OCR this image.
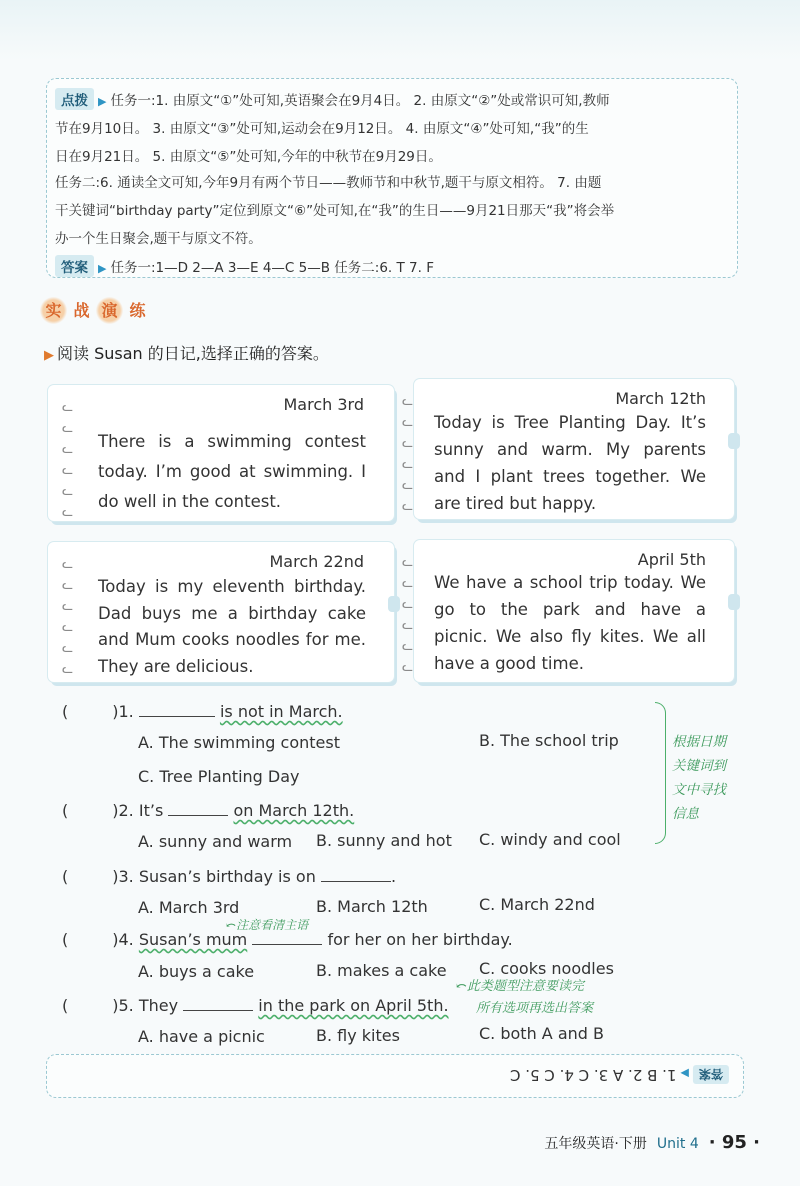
点拨 ▶ 任务一:1. 由原文“①”处可知,英语聚会在9月4日。 2. 由原文“②”处或常识可知,教师
节在9月10日。 3. 由原文“③”处可知,运动会在9月12日。 4. 由原文“④”处可知,“我”的生
日在9月21日。 5. 由原文“⑤”处可知,今年的中秋节在9月29日。
任务二:6. 通读全文可知,今年9月有两个节日——教师节和中秋节,题干与原文相符。 7. 由题
干关键词“birthday party”定位到原文“⑥”处可知,在“我”的生日——9月21日那天“我”将会举
办一个生日聚会,题干与原文不符。
答案 ▶ 任务一:1—D 2—A 3—E 4—C 5—B 任务二:6. T 7. F
实 战 演 练
▶ 阅读 Susan 的日记,选择正确的答案。
ᓚ
ᓚ
ᓚ
ᓚ
ᓚ
ᓚ
March 3rd
There is a swimming contest today. I’m good at swimming. I do well in the contest.
ᓚ
ᓚ
ᓚ
ᓚ
ᓚ
ᓚ
March 12th
Today is Tree Planting Day. It’s sunny and warm. My parents and I plant trees together. We are tired but happy.
ᓚ
ᓚ
ᓚ
ᓚ
ᓚ
ᓚ
March 22nd
Today is my eleventh birthday. Dad buys me a birthday cake and Mum cooks noodles for me. They are delicious.
ᓚ
ᓚ
ᓚ
ᓚ
ᓚ
ᓚ
April 5th
We have a school trip today. We go to the park and have a picnic. We also fly kites. We all have a good time.
(	)1.	is not in March.
A. The swimming contest	B. The school trip
C. Tree Planting Day
(	)2. It’s	on March 12th.
A. sunny and warm B. sunny and hot C. windy and cool
(	)3. Susan’s birthday is on	.
A. March 3rd	B. March 12th	C. March 22nd
(	)4. Susan’s mum	for her on her birthday.
A. buys a cake	B. makes a cake C. cooks noodles
(	)5. They	in the park on April 5th.
A. have a picnic	B. fly kites	C. both A and B
根据日期
关键词到
文中寻找
信息
⤺注意看清主语
⤺此类题型注意要读完
所有选项再选出答案
答案▶1. B 2. A 3. C 4. C 5. C
五年级英语·下册 Unit 4 · 95 ·
